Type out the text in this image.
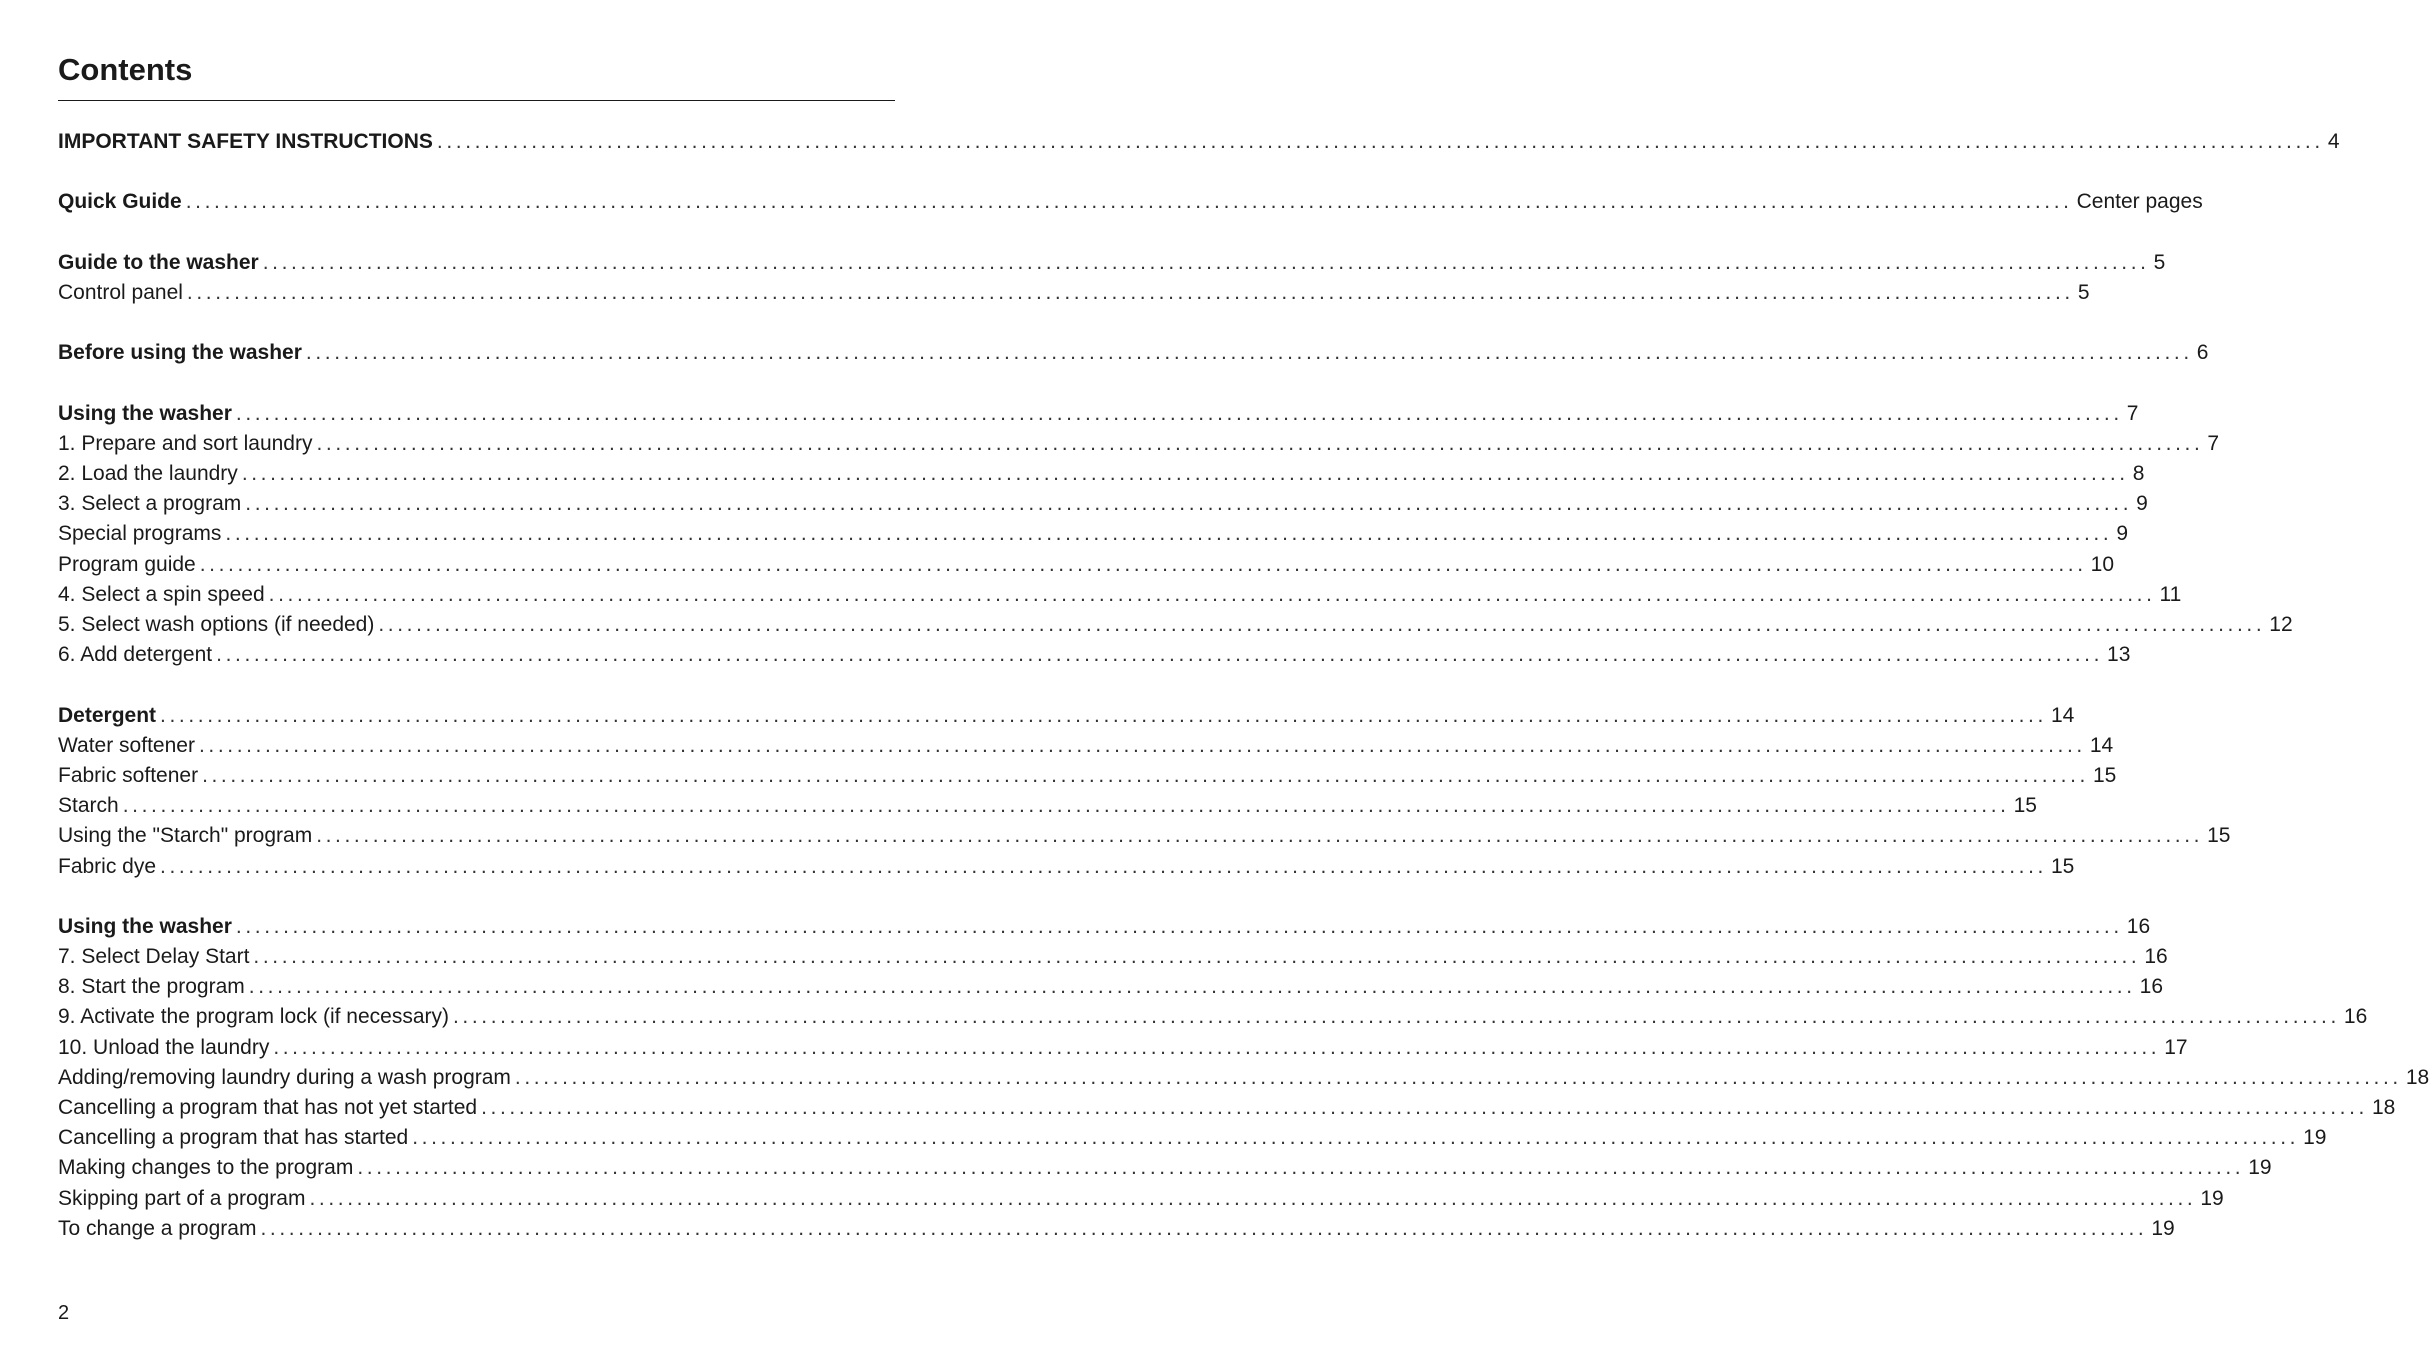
Contents
IMPORTANT SAFETY INSTRUCTIONS ........................................................................................................................................................................................................ 4
Quick Guide ........................................................................................................................................................................................................ Center pages
Guide to the washer ........................................................................................................................................................................................................ 5
Control panel ........................................................................................................................................................................................................ 5
Before using the washer ........................................................................................................................................................................................................ 6
Using the washer ........................................................................................................................................................................................................ 7
1. Prepare and sort laundry ........................................................................................................................................................................................................ 7
2. Load the laundry ........................................................................................................................................................................................................ 8
3. Select a program ........................................................................................................................................................................................................ 9
Special programs ........................................................................................................................................................................................................ 9
Program guide ........................................................................................................................................................................................................ 10
4. Select a spin speed ........................................................................................................................................................................................................ 11
5. Select wash options (if needed) ........................................................................................................................................................................................................ 12
6. Add detergent ........................................................................................................................................................................................................ 13
Detergent ........................................................................................................................................................................................................ 14
Water softener ........................................................................................................................................................................................................ 14
Fabric softener ........................................................................................................................................................................................................ 15
Starch ........................................................................................................................................................................................................ 15
Using the "Starch" program ........................................................................................................................................................................................................ 15
Fabric dye ........................................................................................................................................................................................................ 15
Using the washer ........................................................................................................................................................................................................ 16
7. Select Delay Start ........................................................................................................................................................................................................ 16
8. Start the program ........................................................................................................................................................................................................ 16
9. Activate the program lock (if necessary) ........................................................................................................................................................................................................ 16
10. Unload the laundry ........................................................................................................................................................................................................ 17
Adding/removing laundry during a wash program ........................................................................................................................................................................................................ 18
Cancelling a program that has not yet started ........................................................................................................................................................................................................ 18
Cancelling a program that has started ........................................................................................................................................................................................................ 19
Making changes to the program ........................................................................................................................................................................................................ 19
Skipping part of a program ........................................................................................................................................................................................................ 19
To change a program ........................................................................................................................................................................................................ 19
2
